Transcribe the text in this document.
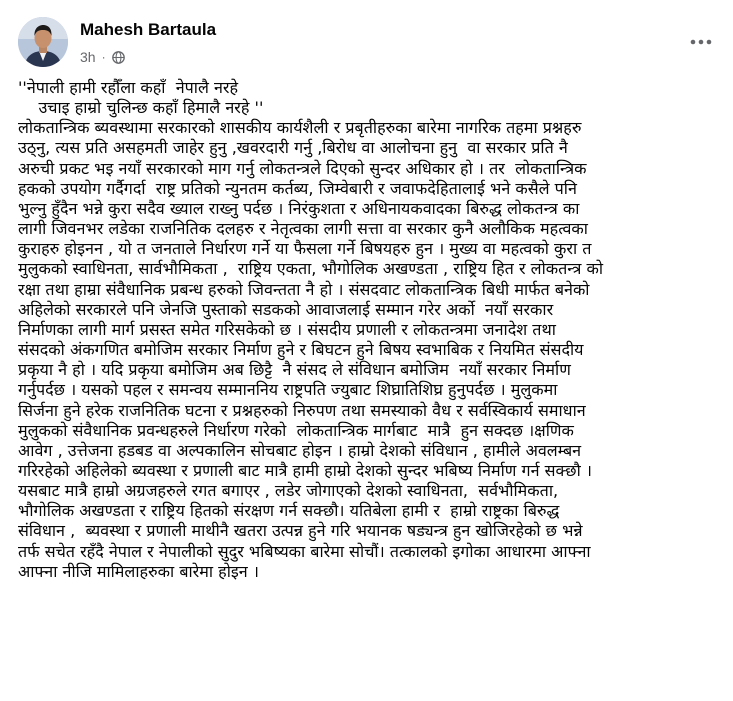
Mahesh Bartaula
3h ·

''नेपाली हामी रहौँला कहाँ  नेपालै नरहे

उचाइ हाम्रो चुलिन्छ कहाँ हिमालै नरहे ''

लोकतान्त्रिक ब्यवस्थामा सरकारको शासकीय कार्यशैली र प्रबृतीहरुका बारेमा नागरिक तहमा प्रश्नहरु

उठ्नु, त्यस प्रति असहमती जाहेर हुनु ,खवरदारी गर्नु ,बिरोध वा आलोचना हुनु  वा सरकार प्रति नै

अरुची प्रकट भइ नयाँ सरकारको माग गर्नु लोकतन्त्रले दिएको सुन्दर अधिकार हो । तर  लोकतान्त्रिक

हकको उपयोग गर्दैगर्दा  राष्ट्र प्रतिको न्युनतम कर्तब्य, जिम्वेबारी र जवाफदेहितालाई भने कसैले पनि

भुल्नु हुँदैन भन्ने कुरा सदैव ख्याल राख्नु पर्दछ । निरंकुशता र अधिनायकवादका बिरुद्ध लोकतन्त्र का

लागी जिवनभर लडेका राजनितिक दलहरु र नेतृत्वका लागी सत्ता वा सरकार कुनै अलौकिक महत्वका

कुराहरु होइनन , यो त जनताले निर्धारण गर्ने या फैसला गर्ने बिषयहरु हुन । मुख्य वा महत्वको कुरा त

मुलुकको स्वाधिनता, सार्वभौमिकता ,  राष्ट्रिय एकता, भौगोलिक अखण्डता , राष्ट्रिय हित र लोकतन्त्र को

रक्षा तथा हाम्रा संवैधानिक प्रबन्ध हरुको जिवन्तता नै हो । संसदवाट लोकतान्त्रिक बिधी मार्फत बनेको

अहिलेको सरकारले पनि जेनजि पुस्ताको सडकको आवाजलाई सम्मान गरेर अर्को  नयाँ सरकार

निर्माणका लागी मार्ग प्रसस्त समेत गरिसकेको छ । संसदीय प्रणाली र लोकतन्त्रमा जनादेश तथा

संसदको अंकगणित बमोजिम सरकार निर्माण हुने र बिघटन हुने बिषय स्वभाबिक र नियमित संसदीय

प्रकृया नै हो । यदि प्रकृया बमोजिम अब छिट्टै  नै संसद ले संविधान बमोजिम  नयाँ सरकार निर्माण

गर्नुपर्दछ । यसको पहल र समन्वय सम्माननिय राष्ट्रपति ज्युबाट शिघ्रातिशिघ्र हुनुपर्दछ । मुलुकमा

सिर्जना हुने हरेक राजनितिक घटना र प्रश्नहरुको निरुपण तथा समस्याको वैध र सर्वस्विकार्य समाधान

मुलुकको संवैधानिक प्रवन्धहरुले निर्धारण गरेको  लोकतान्त्रिक मार्गबाट  मात्रै  हुन सक्दछ ।क्षणिक

आवेग , उत्तेजना हडबड वा अल्पकालिन सोचबाट होइन । हाम्रो देशको संविधान , हामीले अवलम्बन

गरिरहेको अहिलेको ब्यवस्था र प्रणाली बाट मात्रै हामी हाम्रो देशको सुन्दर भबिष्य निर्माण गर्न सक्छौ ।

यसबाट मात्रै हाम्रो अग्रजहरुले रगत बगाएर , लडेर जोगाएको देशको स्वाधिनता,  सर्वभौमिकता,

भौगोलिक अखण्डता र राष्ट्रिय हितको संरक्षण गर्न सक्छौ। यतिबेला हामी र  हाम्रो राष्ट्रका बिरुद्ध

संविधान ,  ब्यवस्था र प्रणाली माथीनै खतरा उत्पन्न हुने गरि भयानक षड्यन्त्र हुन खोजिरहेको छ भन्ने

तर्फ सचेत रहँदै नेपाल र नेपालीको सुदुर भबिष्यका बारेमा सोचौं। तत्कालको इगोका आधारमा आफ्ना

आफ्ना नीजि मामिलाहरुका बारेमा होइन ।
